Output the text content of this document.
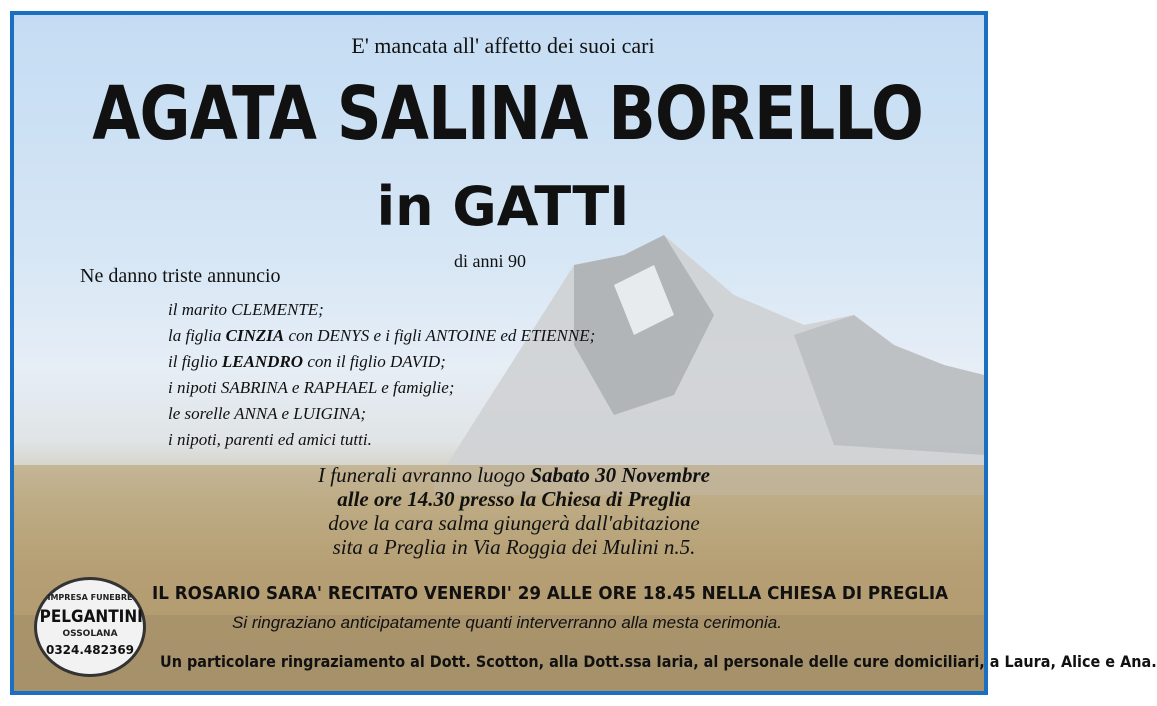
E' mancata all' affetto dei suoi cari
AGATA SALINA BORELLO
in GATTI
di anni 90
Ne danno triste annuncio
il marito CLEMENTE;
la figlia CINZIA con DENYS e i figli ANTOINE ed ETIENNE;
il figlio LEANDRO con il figlio DAVID;
i nipoti SABRINA e RAPHAEL e famiglie;
le sorelle ANNA e LUIGINA;
i nipoti, parenti ed amici tutti.
I funerali avranno luogo Sabato 30 Novembre
alle ore 14.30 presso la Chiesa di Preglia
dove la cara salma giungerà dall'abitazione
sita a Preglia in Via Roggia dei Mulini n.5.
IL ROSARIO SARA' RECITATO VENERDI' 29 ALLE ORE 18.45 NELLA CHIESA DI PREGLIA
Si ringraziano anticipatamente quanti interverranno alla mesta cerimonia.
Un particolare ringraziamento al Dott. Scotton, alla Dott.ssa Iaria, al personale delle cure domiciliari, a Laura, Alice e Ana.
IMPRESA FUNEBRE
PELGANTINI
OSSOLANA
0324.482369
